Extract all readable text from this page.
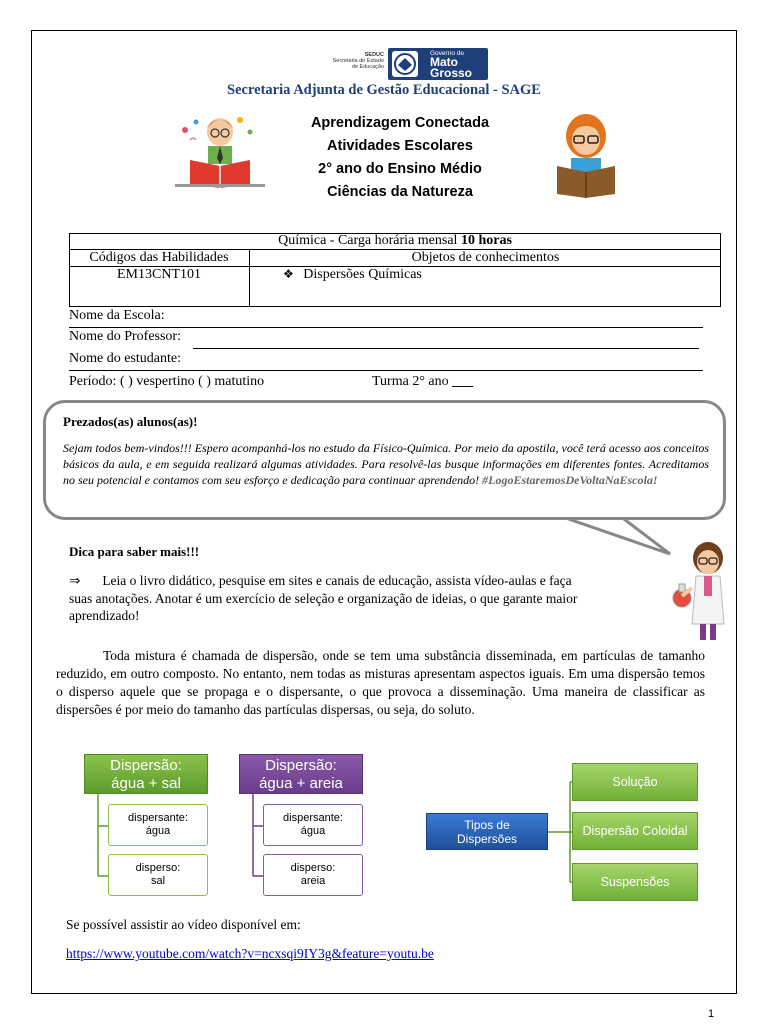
SEDUC
Secretaria de Estado
de Educação
Governo de
Mato
Grosso
Secretaria Adjunta de Gestão Educacional - SAGE
Aprendizagem Conectada
Atividades Escolares
2° ano do Ensino Médio
Ciências da Natureza
Química - Carga horária mensal 10 horas
Códigos das Habilidades	Objetos de conhecimentos
EM13CNT101	❖ Dispersões Químicas
Nome da Escola:
Nome do Professor:
Nome do estudante:
Período: ( ) vespertino ( ) matutino	Turma 2° ano ___
Prezados(as) alunos(as)!
Sejam todos bem-vindos!!! Espero acompanhá-los no estudo da Físico-Química. Por meio da apostila, você terá acesso aos conceitos básicos da aula, e em seguida realizará algumas atividades. Para resolvê-las busque informações em diferentes fontes. Acreditamos no seu potencial e contamos com seu esforço e dedicação para continuar aprendendo! #LogoEstaremosDeVoltaNaEscola!
Dica para saber mais!!!
⇒ Leia o livro didático, pesquise em sites e canais de educação, assista vídeo-aulas e faça suas anotações. Anotar é um exercício de seleção e organização de ideias, o que garante maior aprendizado!
Toda mistura é chamada de dispersão, onde se tem uma substância disseminada, em partículas de tamanho reduzido, em outro composto. No entanto, nem todas as misturas apresentam aspectos iguais. Em uma dispersão temos o disperso aquele que se propaga e o dispersante, o que provoca a disseminação. Uma maneira de classificar as dispersões é por meio do tamanho das partículas dispersas, ou seja, do soluto.
Dispersão:
água + sal
dispersante:
água
disperso:
sal
Dispersão:
água + areia
dispersante:
água
disperso:
areia
Tipos de
Dispersões
Solução
Dispersão Coloidal
Suspensões
Se possível assistir ao vídeo disponível em:
https://www.youtube.com/watch?v=ncxsqi9IY3g&feature=youtu.be
1
